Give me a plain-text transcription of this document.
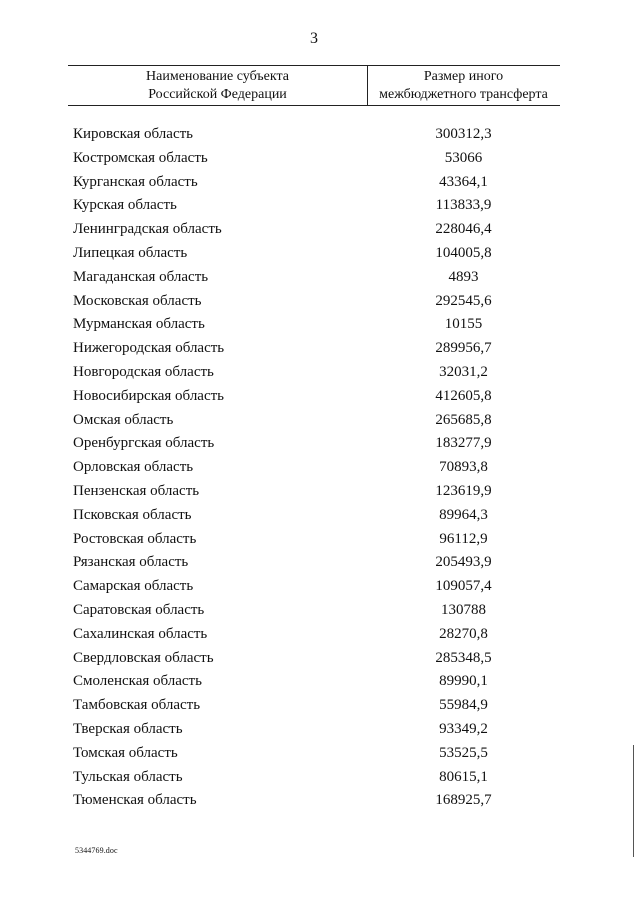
3
Наименование субъекта
Российской Федерации
Размер иного
межбюджетного трансферта
Кировская область	300312,3
Костромская область	53066
Курганская область	43364,1
Курская область	113833,9
Ленинградская область	228046,4
Липецкая область	104005,8
Магаданская область	4893
Московская область	292545,6
Мурманская область	10155
Нижегородская область	289956,7
Новгородская область	32031,2
Новосибирская область	412605,8
Омская область	265685,8
Оренбургская область	183277,9
Орловская область	70893,8
Пензенская область	123619,9
Псковская область	89964,3
Ростовская область	96112,9
Рязанская область	205493,9
Самарская область	109057,4
Саратовская область	130788
Сахалинская область	28270,8
Свердловская область	285348,5
Смоленская область	89990,1
Тамбовская область	55984,9
Тверская область	93349,2
Томская область	53525,5
Тульская область	80615,1
Тюменская область	168925,7
5344769.doc
